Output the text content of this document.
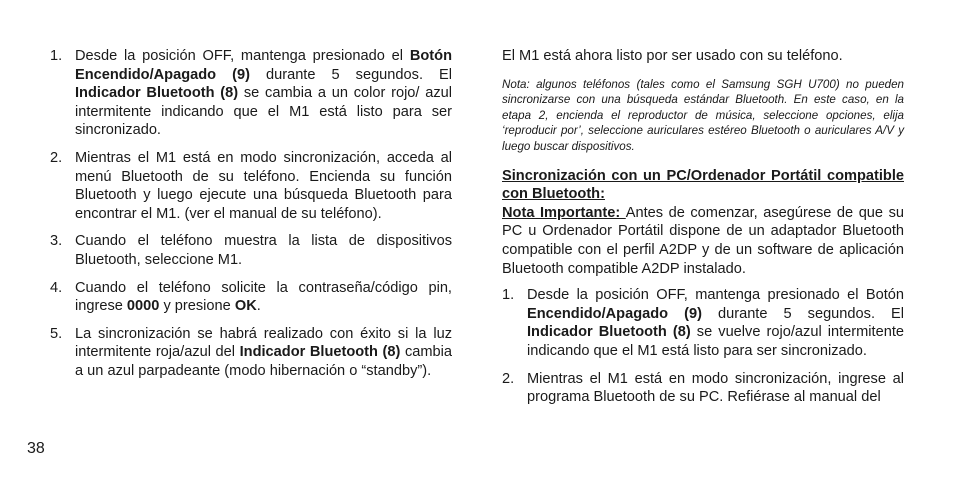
1. Desde la posición OFF, mantenga presionado el Botón Encendido/Apagado (9) durante 5 segundos. El Indicador Bluetooth (8) se cambia a un color rojo/ azul intermitente indicando que el M1 está listo para ser sincronizado.
2. Mientras el M1 está en modo sincronización, acceda al menú Bluetooth de su teléfono. Encienda su función Bluetooth y luego ejecute una búsqueda Bluetooth para encontrar el M1. (ver el manual de su teléfono).
3. Cuando el teléfono muestra la lista de dispositivos Bluetooth, seleccione M1.
4. Cuando el teléfono solicite la contraseña/código pin, ingrese 0000 y presione OK.
5. La sincronización se habrá realizado con éxito si la luz intermitente roja/azul del Indicador Bluetooth (8) cambia a un azul parpadeante (modo hibernación o “standby”).

El M1 está ahora listo por ser usado con su teléfono.

Nota: algunos teléfonos (tales como el Samsung SGH U700) no pueden sincronizarse con una búsqueda estándar Bluetooth. En este caso, en la etapa 2, encienda el reproductor de música, seleccione opciones, elija ‘reproducir por’, seleccione auriculares estéreo Bluetooth o auriculares A/V y luego buscar dispositivos.

Sincronización con un PC/Ordenador Portátil compatible con Bluetooth:

Nota Importante: Antes de comenzar, asegúrese de que su PC u Ordenador Portátil dispone de un adaptador Bluetooth compatible con el perfil A2DP y de un software de aplicación Bluetooth compatible A2DP instalado.

1. Desde la posición OFF, mantenga presionado el Botón Encendido/Apagado (9) durante 5 segundos. El Indicador Bluetooth (8) se vuelve rojo/azul intermitente indicando que el M1 está listo para ser sincronizado.
2. Mientras el M1 está en modo sincronización, ingrese al programa Bluetooth de su PC. Refiérase al manual del
38
